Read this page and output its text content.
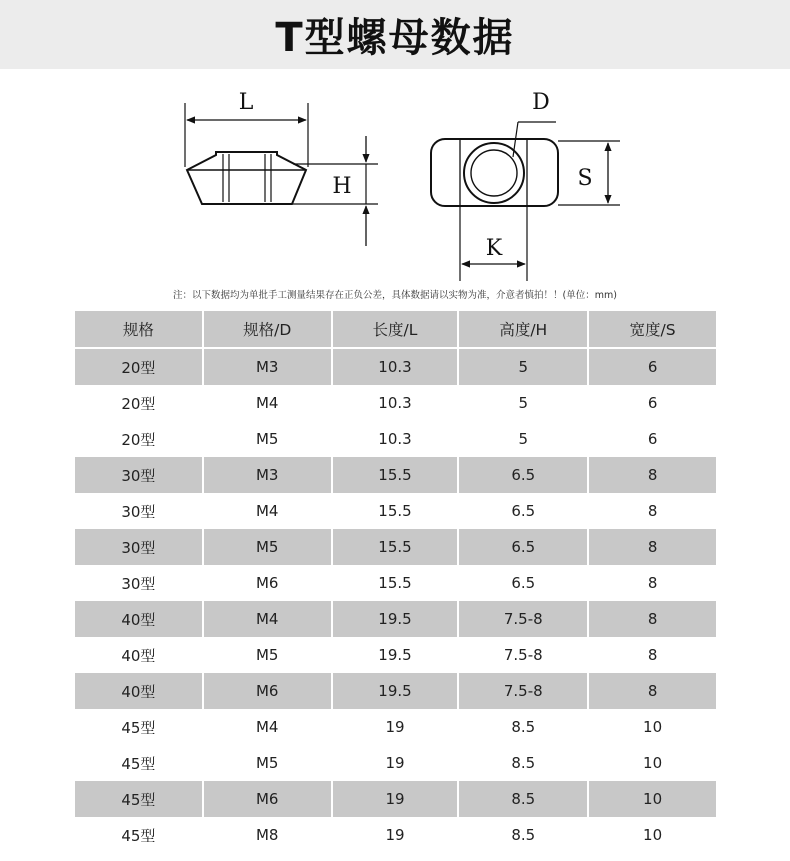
T型螺母数据
L
H
D
S
K
注：以下数据均为单批手工测量结果存在正负公差，具体数据请以实物为准，介意者慎拍！！(单位：mm)
规格	规格/D	长度/L	高度/H	宽度/S
20型	M3	10.3	5	6
20型	M4	10.3	5	6
20型	M5	10.3	5	6
30型	M3	15.5	6.5	8
30型	M4	15.5	6.5	8
30型	M5	15.5	6.5	8
30型	M6	15.5	6.5	8
40型	M4	19.5	7.5-8	8
40型	M5	19.5	7.5-8	8
40型	M6	19.5	7.5-8	8
45型	M4	19	8.5	10
45型	M5	19	8.5	10
45型	M6	19	8.5	10
45型	M8	19	8.5	10
